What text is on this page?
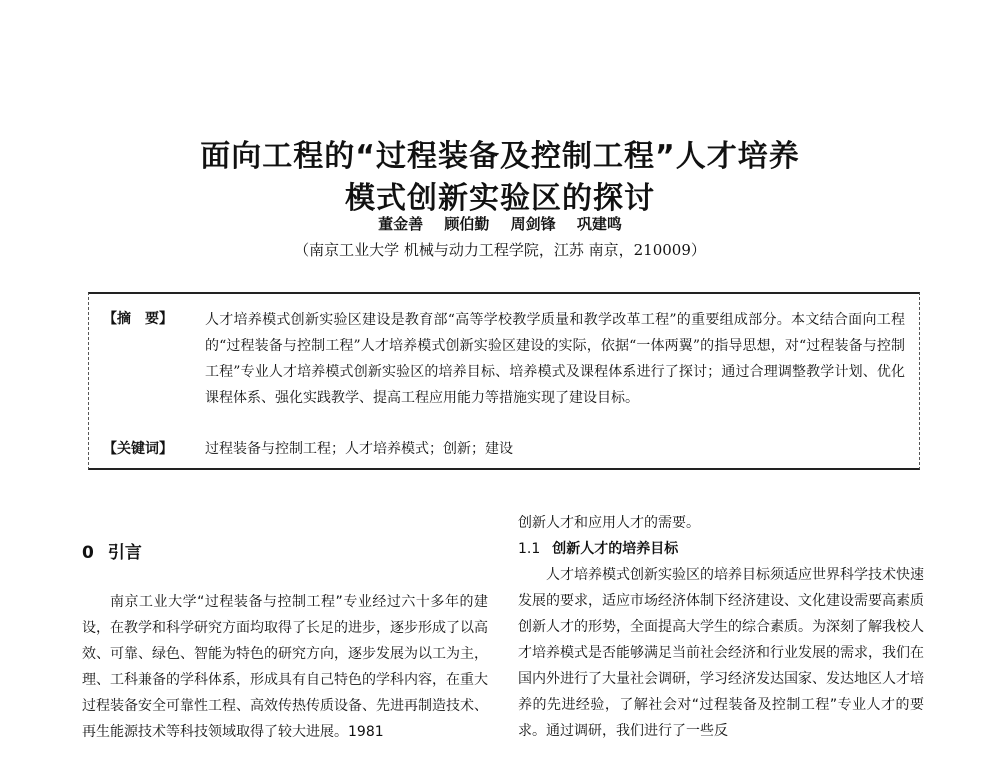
面向工程的“过程装备及控制工程”人才培养
模式创新实验区的探讨
董金善 顾伯勤 周剑锋 巩建鸣
（南京工业大学 机械与动力工程学院，江苏 南京，210009）
【摘　要】 人才培养模式创新实验区建设是教育部“高等学校教学质量和教学改革工程”的重要组成部分。本文结合面向工程的“过程装备与控制工程”人才培养模式创新实验区建设的实际，依据“一体两翼”的指导思想，对“过程装备与控制工程”专业人才培养模式创新实验区的培养目标、培养模式及课程体系进行了探讨；通过合理调整教学计划、优化课程体系、强化实践教学、提高工程应用能力等措施实现了建设目标。
【关键词】 过程装备与控制工程；人才培养模式；创新；建设
0 引言

南京工业大学“过程装备与控制工程”专业经过六十多年的建设，在教学和科学研究方面均取得了长足的进步，逐步形成了以高效、可靠、绿色、智能为特色的研究方向，逐步发展为以工为主，理、工科兼备的学科体系，形成具有自己特色的学科内容，在重大过程装备安全可靠性工程、高效传热传质设备、先进再制造技术、再生能源技术等科技领域取得了较大进展。1981

创新人才和应用人才的需要。

1.1 创新人才的培养目标

人才培养模式创新实验区的培养目标须适应世界科学技术快速发展的要求，适应市场经济体制下经济建设、文化建设需要高素质创新人才的形势，全面提高大学生的综合素质。为深刻了解我校人才培养模式是否能够满足当前社会经济和行业发展的需求，我们在国内外进行了大量社会调研，学习经济发达国家、发达地区人才培养的先进经验，了解社会对“过程装备及控制工程”专业人才的要求。通过调研，我们进行了一些反
